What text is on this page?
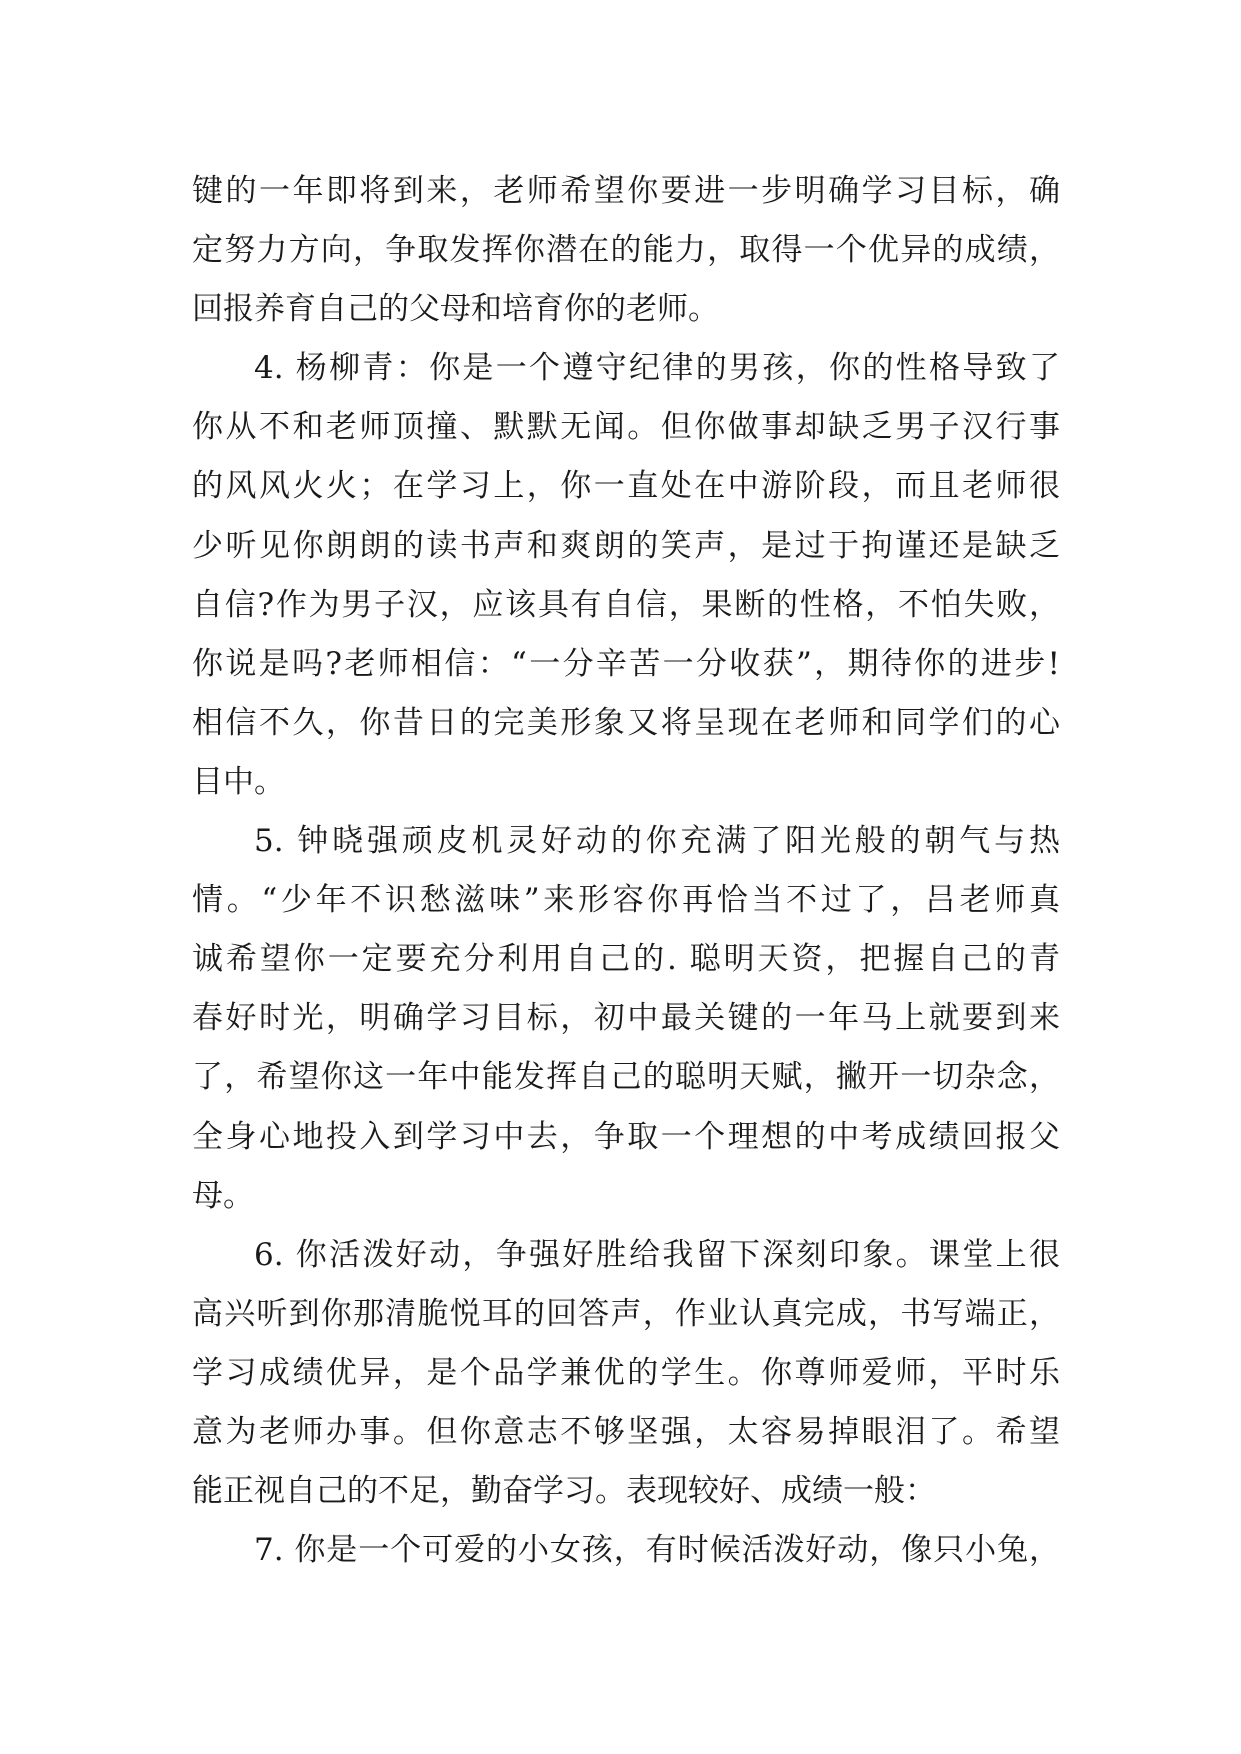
键的一年即将到来，老师希望你要进一步明确学习目标，确
定努力方向，争取发挥你潜在的能力，取得一个优异的成绩，
回报养育自己的父母和培育你的老师。
4. 杨柳青：你是一个遵守纪律的男孩，你的性格导致了
你从不和老师顶撞、默默无闻。但你做事却缺乏男子汉行事
的风风火火；在学习上，你一直处在中游阶段，而且老师很
少听见你朗朗的读书声和爽朗的笑声，是过于拘谨还是缺乏
自信?作为男子汉，应该具有自信，果断的性格，不怕失败，
你说是吗?老师相信：“一分辛苦一分收获”，期待你的进步!
相信不久，你昔日的完美形象又将呈现在老师和同学们的心
目中。
5. 钟晓强顽皮机灵好动的你充满了阳光般的朝气与热
情。“少年不识愁滋味”来形容你再恰当不过了，吕老师真
诚希望你一定要充分利用自己的. 聪明天资，把握自己的青
春好时光，明确学习目标，初中最关键的一年马上就要到来
了，希望你这一年中能发挥自己的聪明天赋，撇开一切杂念，
全身心地投入到学习中去，争取一个理想的中考成绩回报父
母。
6. 你活泼好动，争强好胜给我留下深刻印象。课堂上很
高兴听到你那清脆悦耳的回答声，作业认真完成，书写端正，
学习成绩优异，是个品学兼优的学生。你尊师爱师，平时乐
意为老师办事。但你意志不够坚强，太容易掉眼泪了。希望
能正视自己的不足，勤奋学习。表现较好、成绩一般：
7. 你是一个可爱的小女孩，有时候活泼好动，像只小兔，
